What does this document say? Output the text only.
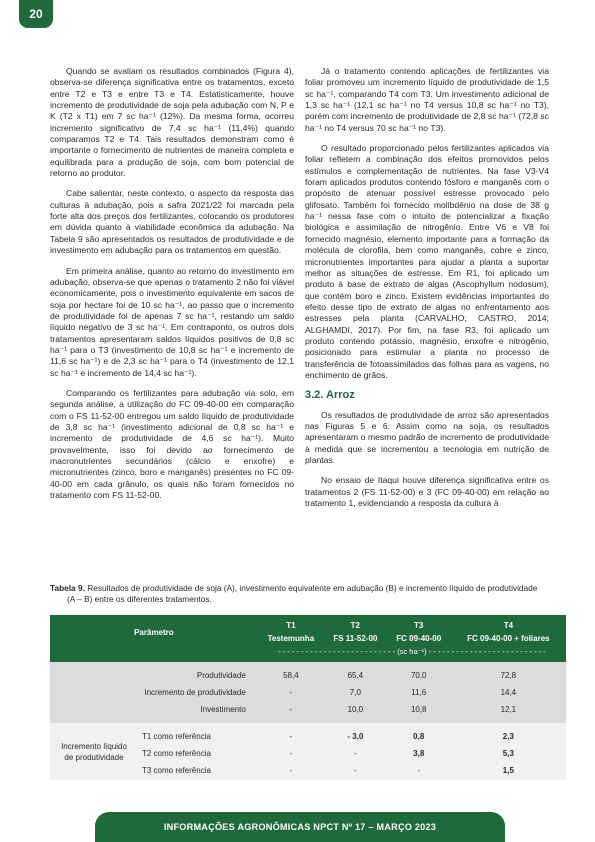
20

Quando se avaliam os resultados combinados (Figura 4), observa-se diferença significativa entre os tratamentos, exceto entre T2 e T3 e entre T3 e T4. Estatisticamente, houve incremento de produtividade de soja pela adubação com N, P e K (T2 x T1) em 7 sc ha⁻¹ (12%). Da mesma forma, ocorreu incremento significativo de 7,4 sc ha⁻¹ (11,4%) quando comparamos T2 e T4. Tais resultados demonstram como é importante o fornecimento de nutrientes de maneira completa e equilibrada para a produção de soja, com bom potencial de retorno ao produtor.

Cabe salientar, neste contexto, o aspecto da resposta das culturas à adubação, pois a safra 2021/22 foi marcada pela forte alta dos preços dos fertilizantes, colocando os produtores em dúvida quanto à viabilidade econômica da adubação. Na Tabela 9 são apresentados os resultados de produtividade e de investimento em adubação para os tratamentos em questão.

Em primeira análise, quanto ao retorno do investimento em adubação, observa-se que apenas o tratamento 2 não foi viável economicamente, pois o investimento equivalente em sacos de soja por hectare foi de 10 sc ha⁻¹, ao passo que o incremento de produtividade foi de apenas 7 sc ha⁻¹, restando um saldo líquido negativo de 3 sc ha⁻¹. Em contraponto, os outros dois tratamentos apresentaram saldos líquidos positivos de 0,8 sc ha⁻¹ para o T3 (investimento de 10,8 sc ha⁻¹ e incremento de 11,6 sc ha⁻¹) e de 2,3 sc ha⁻¹ para o T4 (investimento de 12,1 sc ha⁻¹ e incremento de 14,4 sc ha⁻¹).

Comparando os fertilizantes para adubação via solo, em segunda análise, a utilização do FC 09-40-00 em comparação com o FS 11-52-00 entregou um saldo líquido de produtividade de 3,8 sc ha⁻¹ (investimento adicional de 0,8 sc ha⁻¹ e incremento de produtividade de 4,6 sc ha⁻¹). Muito provavelmente, isso foi devido ao fornecimento de macronutrientes secundários (cálcio e enxofre) e micronutrientes (zinco, boro e manganês) presentes no FC 09-40-00 em cada grânulo, os quais não foram fornecidos no tratamento com FS 11-52-00.

Já o tratamento contendo aplicações de fertilizantes via foliar promoveu um incremento líquido de produtividade de 1,5 sc ha⁻¹, comparando T4 com T3. Um investimento adicional de 1,3 sc ha⁻¹ (12,1 sc ha⁻¹ no T4 versus 10,8 sc ha⁻¹ no T3), porém com incremento de produtividade de 2,8 sc ha⁻¹ (72,8 sc ha⁻¹ no T4 versus 70 sc ha⁻¹ no T3).

O resultado proporcionado pelos fertilizantes aplicados via foliar refletem a combinação dos efeitos promovidos pelos estímulos e complementação de nutrientes. Na fase V3-V4 foram aplicados produtos contendo fósforo e manganês com o propósito de atenuar possível estresse provocado pelo glifosato. Também foi fornecido molibdênio na dose de 38 g ha⁻¹ nessa fase com o intuito de potencializar a fixação biológica e assimilação de nitrogênio. Entre V6 e V8 foi fornecido magnésio, elemento importante para a formação da molécula de clorofila, bem como manganês, cobre e zinco, micronutrientes importantes para ajudar a planta a suportar melhor as situações de estresse. Em R1, foi aplicado um produto à base de extrato de algas (Ascophyllum nodosum), que contém boro e zinco. Existem evidências importantes do efeito desse tipo de extrato de algas no enfrentamento aos estresses pela planta (CARVALHO; CASTRO, 2014; ALGHAMDI, 2017). Por fim, na fase R3, foi aplicado um produto contendo potássio, magnésio, enxofre e nitrogênio, posicionado para estimular a planta no processo de transferência de fotoassimilados das folhas para as vagens, no enchimento de grãos.

3.2. Arroz

Os resultados de produtividade de arroz são apresentados nas Figuras 5 e 6. Assim como na soja, os resultados apresentaram o mesmo padrão de incremento de produtividade à medida que se incrementou a tecnologia em nutrição de plantas.

No ensaio de Itaqui houve diferença significativa entre os tratamentos 2 (FS 11-52-00) e 3 (FC 09-40-00) em relação ao tratamento 1, evidenciando a resposta da cultura à

Tabela 9. Resultados de produtividade de soja (A), investimento equivalente em adubação (B) e incremento líquido de produtividade
(A – B) entre os diferentes tratamentos.
Parâmetro		T1	T2	T3	T4
		Testemunha	FS 11-52-00	FC 09-40-00	FC 09-40-00 + foliares
		- - - - - - - - - - - - - - - - - - - - - - - - - - (sc ha⁻¹) - - - - - - - - - - - - - - - - - - - - - - - - - -			
Produtividade		58,4	65,4	70,0	72,8
Incremento de produtividade		-	7,0	11,6	14,4
Investimento		-	10,0	10,8	12,1
Incremento líquido
de produtividade	T1 como referência	-	- 3,0	0,8	2,3
	T2 como referência	-	-	3,8	5,3
	T3 como referência	-	-	-	1,5
INFORMAÇÕES AGRONÔMICAS NPCT Nº 17 – MARÇO 2023
